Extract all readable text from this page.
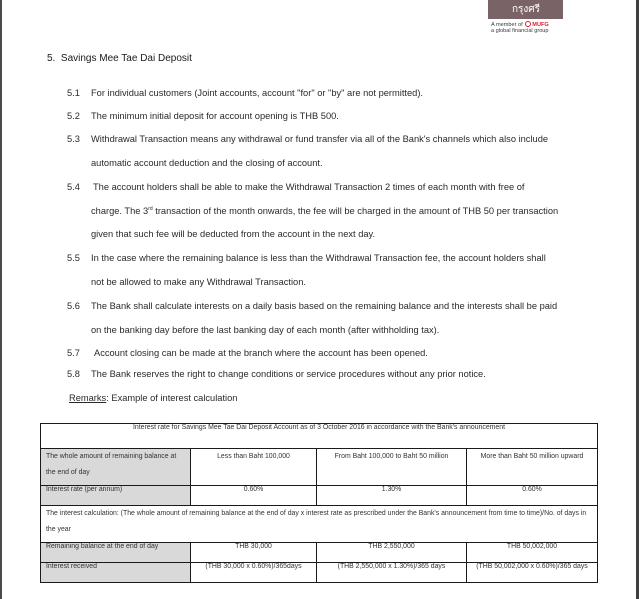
กรุงศรี
A member of MUFG
a global financial group
5. Savings Mee Tae Dai Deposit
5.1 For individual customers (Joint accounts, account "for" or "by" are not permitted).
5.2 The minimum initial deposit for account opening is THB 500.
5.3 Withdrawal Transaction means any withdrawal or fund transfer via all of the Bank's channels which also include
automatic account deduction and the closing of account.
5.4 The account holders shall be able to make the Withdrawal Transaction 2 times of each month with free of
charge. The 3rd transaction of the month onwards, the fee will be charged in the amount of THB 50 per transaction
given that such fee will be deducted from the account in the next day.
5.5 In the case where the remaining balance is less than the Withdrawal Transaction fee, the account holders shall
not be allowed to make any Withdrawal Transaction.
5.6 The Bank shall calculate interests on a daily basis based on the remaining balance and the interests shall be paid
on the banking day before the last banking day of each month (after withholding tax).
5.7 Account closing can be made at the branch where the account has been opened.
5.8 The Bank reserves the right to change conditions or service procedures without any prior notice.
Remarks: Example of interest calculation
Interest rate for Savings Mee Tae Dai Deposit Account as of 3 October 2016 in accordance with the Bank's announcement			
The whole amount of remaining balance at the end of day	Less than Baht 100,000	From Baht 100,000 to Baht 50 million	More than Baht 50 million upward
Interest rate (per annum)	0.60%	1.30%	0.60%
The interest calculation: (The whole amount of remaining balance at the end of day x interest rate as prescribed under the Bank's announcement from time to time)/No. of days in the year			
Remaining balance at the end of day	THB 30,000	THB 2,550,000	THB 50,002,000
Interest received	(THB 30,000 x 0.60%)/365days	(THB 2,550,000 x 1.30%)/365 days	(THB 50,002,000 x 0.60%)/365 days
